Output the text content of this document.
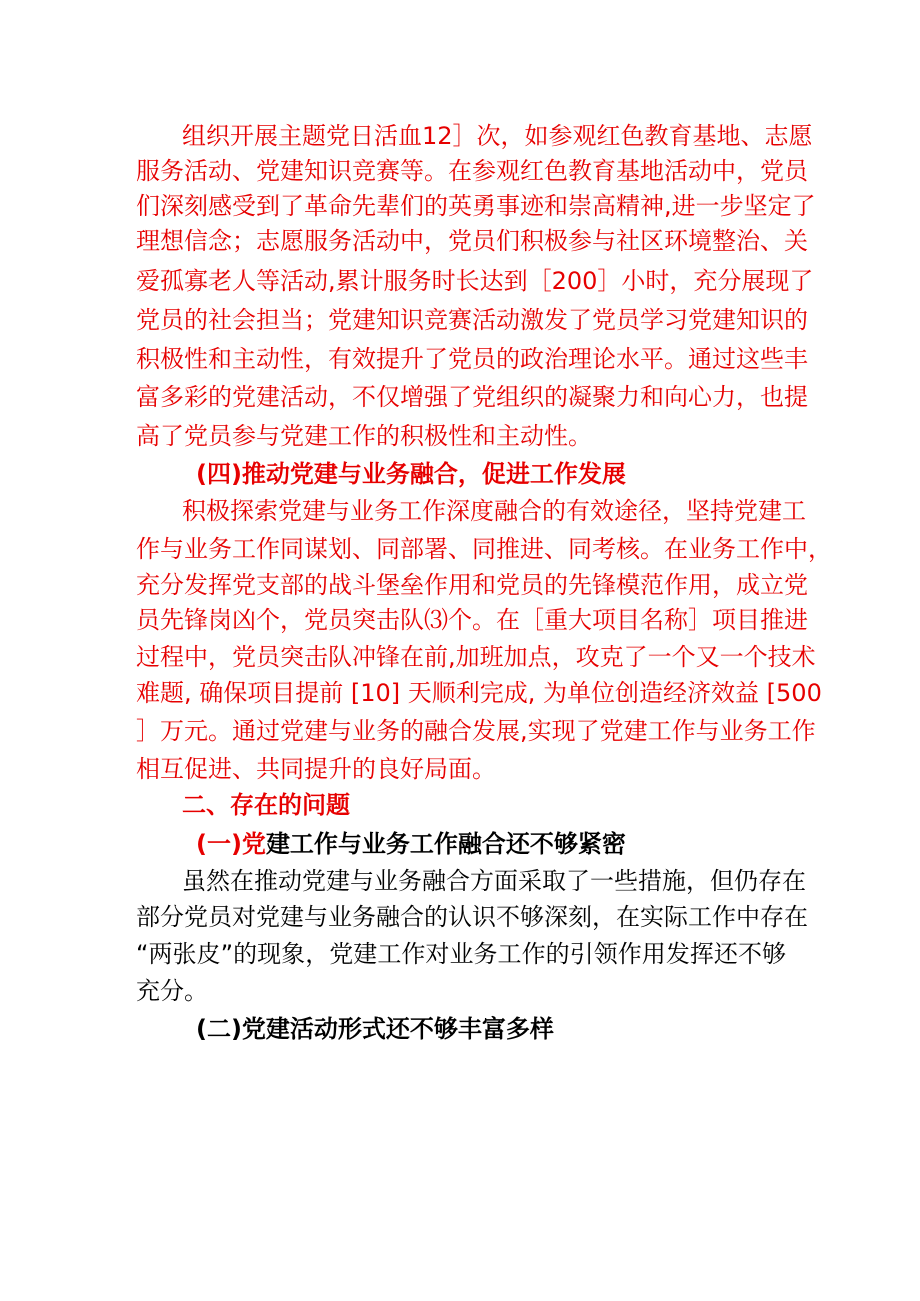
组织开展主题党日活血12］次，如参观红色教育基地、志愿
服务活动、党建知识竞赛等。在参观红色教育基地活动中，党员
们深刻感受到了革命先辈们的英勇事迹和崇高精神,进一步坚定了
理想信念；志愿服务活动中，党员们积极参与社区环境整治、关
爱孤寡老人等活动,累计服务时长达到［200］小时，充分展现了
党员的社会担当；党建知识竞赛活动激发了党员学习党建知识的
积极性和主动性，有效提升了党员的政治理论水平。通过这些丰
富多彩的党建活动，不仅增强了党组织的凝聚力和向心力，也提
高了党员参与党建工作的积极性和主动性。
(四)推动党建与业务融合，促进工作发展
积极探索党建与业务工作深度融合的有效途径，坚持党建工
作与业务工作同谋划、同部署、同推进、同考核。在业务工作中，
充分发挥党支部的战斗堡垒作用和党员的先锋模范作用，成立党
员先锋岗凶个，党员突击队⑶个。在［重大项目名称］项目推进
过程中，党员突击队冲锋在前,加班加点，攻克了一个又一个技术
难题, 确保项目提前 [10] 天顺利完成, 为单位创造经济效益 [500
］万元。通过党建与业务的融合发展,实现了党建工作与业务工作
相互促进、共同提升的良好局面。
二、存在的问题
(一)党建工作与业务工作融合还不够紧密
虽然在推动党建与业务融合方面采取了一些措施，但仍存在
部分党员对党建与业务融合的认识不够深刻，在实际工作中存在
“两张皮”的现象，党建工作对业务工作的引领作用发挥还不够
充分。
(二)党建活动形式还不够丰富多样
